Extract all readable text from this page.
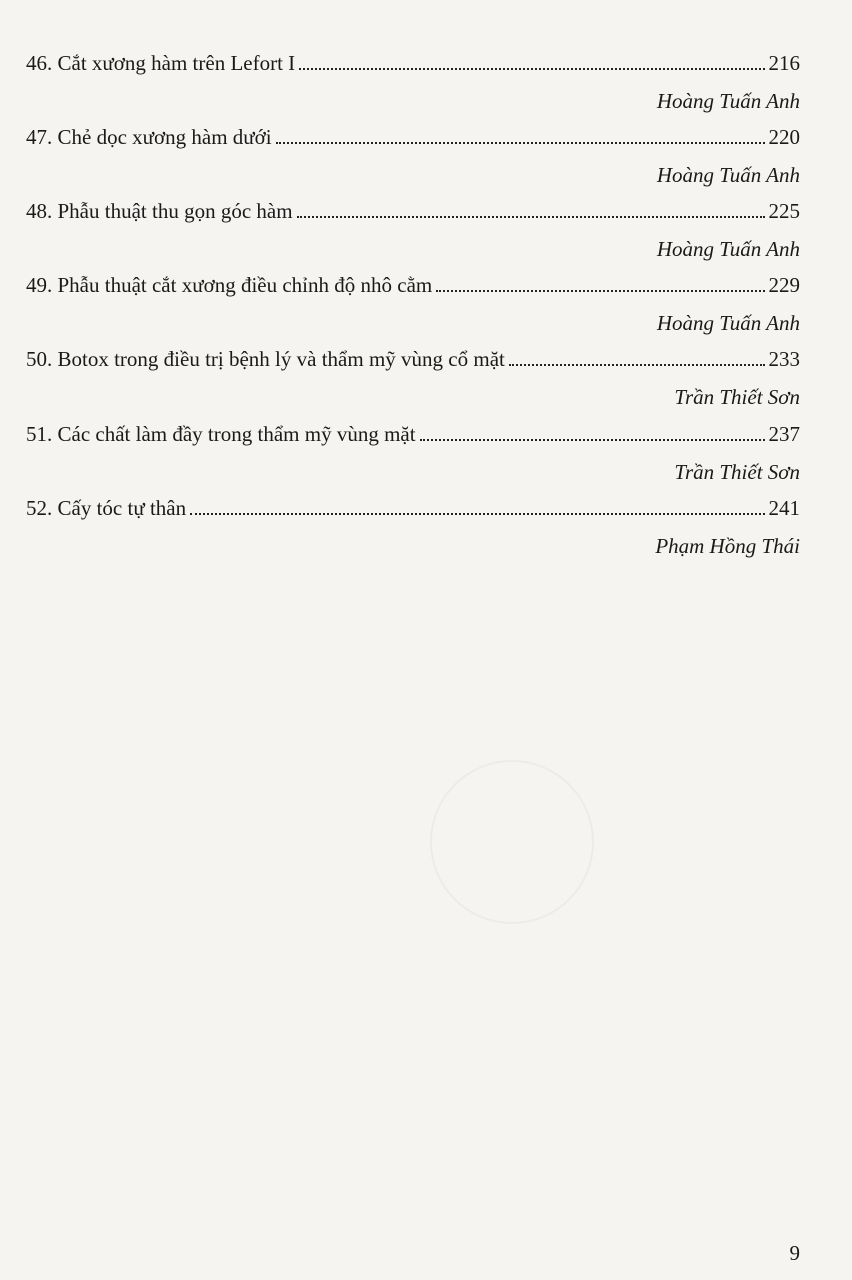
46. Cắt xương hàm trên Lefort I	216
Hoàng Tuấn Anh
47. Chẻ dọc xương hàm dưới	220
Hoàng Tuấn Anh
48. Phẫu thuật thu gọn góc hàm	225
Hoàng Tuấn Anh
49. Phẫu thuật cắt xương điều chỉnh độ nhô cằm	229
Hoàng Tuấn Anh
50. Botox trong điều trị bệnh lý và thẩm mỹ vùng cổ mặt	233
Trần Thiết Sơn
51. Các chất làm đầy trong thẩm mỹ vùng mặt	237
Trần Thiết Sơn
52. Cấy tóc tự thân	241
Phạm Hồng Thái
9
